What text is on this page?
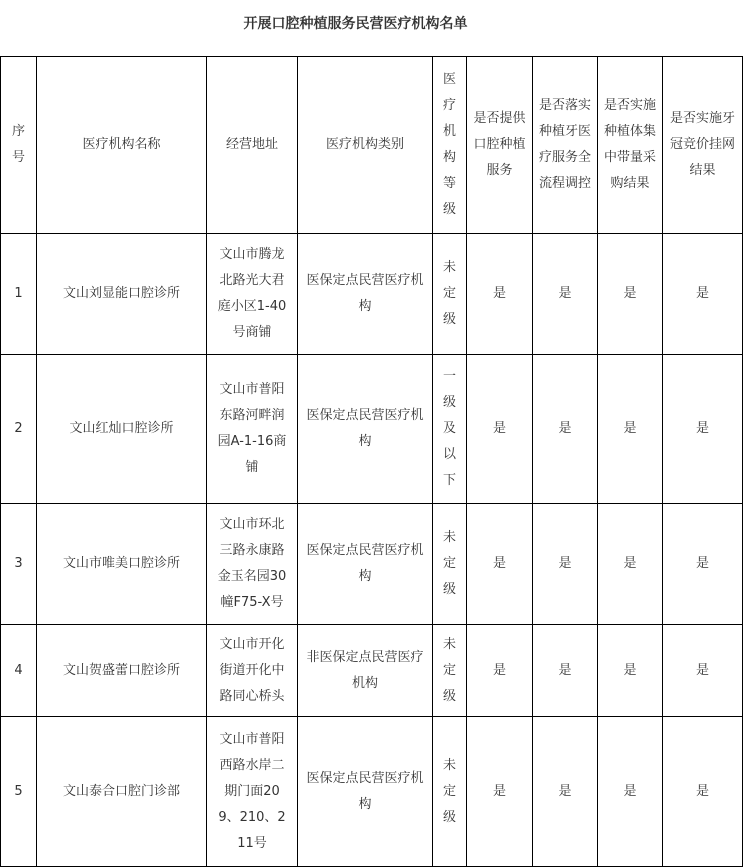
开展口腔种植服务民营医疗机构名单
序号	医疗机构名称	经营地址	医疗机构类别	医疗机构等级	是否提供口腔种植服务	是否落实种植牙医疗服务全流程调控	是否实施种植体集中带量采购结果	是否实施牙冠竞价挂网结果
1	文山刘显能口腔诊所	文山市腾龙北路光大君庭小区1-40号商铺	医保定点民营医疗机构	未定级	是	是	是	是
2	文山红灿口腔诊所	文山市普阳东路河畔润园A-1-16商铺	医保定点民营医疗机构	一级及以下	是	是	是	是
3	文山市唯美口腔诊所	文山市环北三路永康路金玉名园30幢F75-X号	医保定点民营医疗机构	未定级	是	是	是	是
4	文山贺盛蕾口腔诊所	文山市开化街道开化中路同心桥头	非医保定点民营医疗机构	未定级	是	是	是	是
5	文山泰合口腔门诊部	文山市普阳西路水岸二期门面209、210、211号	医保定点民营医疗机构	未定级	是	是	是	是
